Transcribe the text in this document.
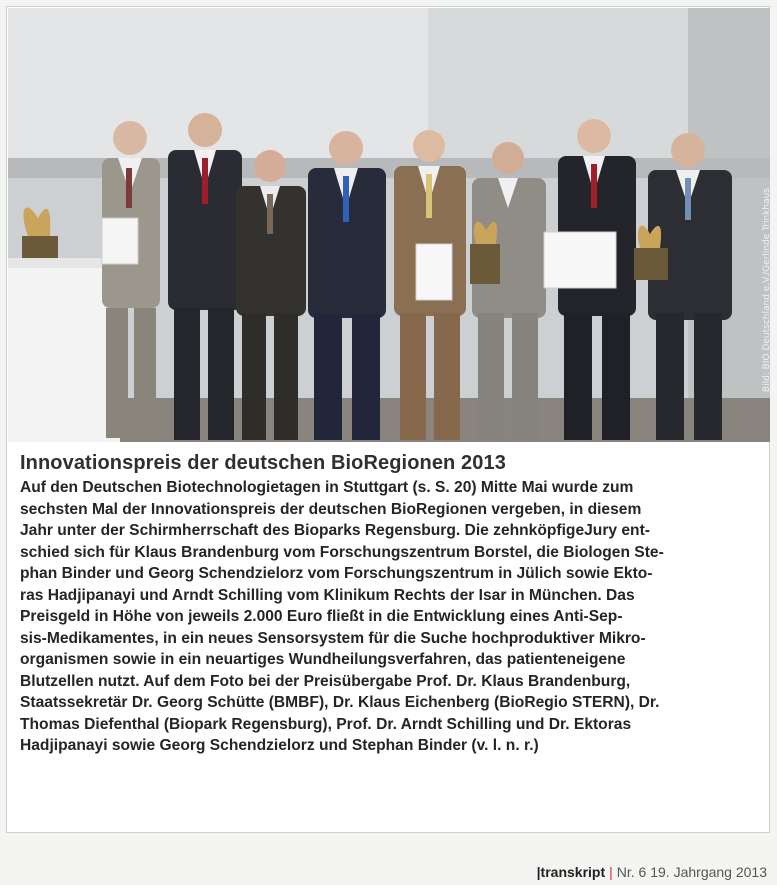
Bild: BIO Deutschland e.V./Gerlinde Trinkhaus
Innovationspreis der deutschen BioRegionen 2013

Auf den Deutschen Biotechnologietagen in Stuttgart (s. S. 20) Mitte Mai wurde zum
sechsten Mal der Innovationspreis der deutschen BioRegionen vergeben, in diesem
Jahr unter der Schirmherrschaft des Bioparks Regensburg. Die zehnköpfigeJury ent-
schied sich für Klaus Brandenburg vom Forschungszentrum Borstel, die Biologen Ste-
phan Binder und Georg Schendzielorz vom Forschungszentrum in Jülich sowie Ekto-
ras Hadjipanayi und Arndt Schilling vom Klinikum Rechts der Isar in München. Das
Preisgeld in Höhe von jeweils 2.000 Euro fließt in die Entwicklung eines Anti-Sep-
sis-Medikamentes, in ein neues Sensorsystem für die Suche hochproduktiver Mikro-
organismen sowie in ein neuartiges Wundheilungsverfahren, das patienteneigene
Blutzellen nutzt. Auf dem Foto bei der Preisübergabe Prof. Dr. Klaus Brandenburg,
Staatssekretär Dr. Georg Schütte (BMBF), Dr. Klaus Eichenberg (BioRegio STERN), Dr.
Thomas Diefenthal (Biopark Regensburg), Prof. Dr. Arndt Schilling und Dr. Ektoras
Hadjipanayi sowie Georg Schendzielorz und Stephan Binder (v. l. n. r.)

|transkript | Nr. 6 19. Jahrgang 2013
